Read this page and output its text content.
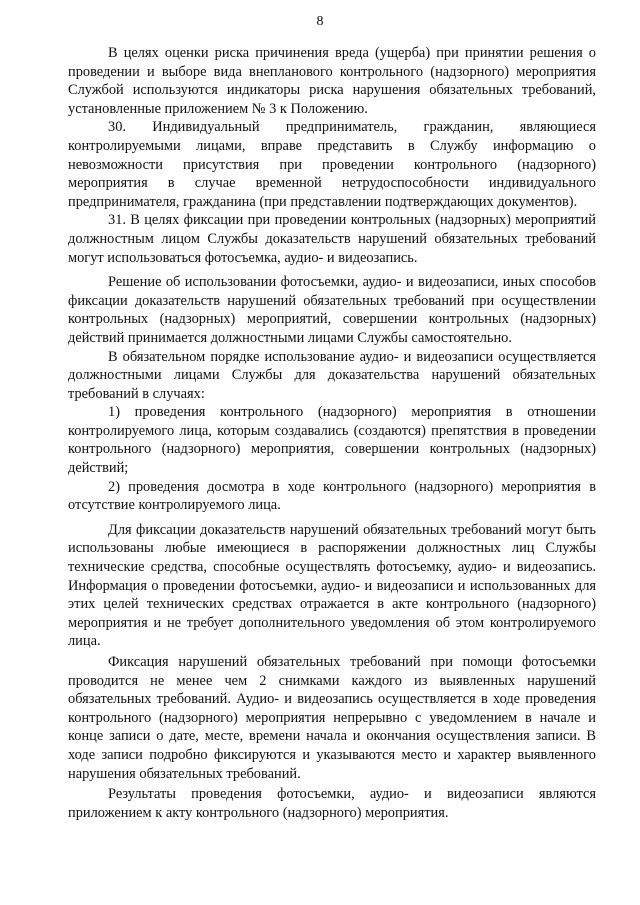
8

В целях оценки риска причинения вреда (ущерба) при принятии решения о проведении и выборе вида внепланового контрольного (надзорного) мероприятия Службой используются индикаторы риска нарушения обязательных требований, установленные приложением № 3 к Положению.

30. Индивидуальный предприниматель, гражданин, являющиеся контролируемыми лицами, вправе представить в Службу информацию о невозможности присутствия при проведении контрольного (надзорного) мероприятия в случае временной нетрудоспособности индивидуального предпринимателя, гражданина (при представлении подтверждающих документов).

31. В целях фиксации при проведении контрольных (надзорных) мероприятий должностным лицом Службы доказательств нарушений обязательных требований могут использоваться фотосъемка, аудио- и видеозапись.

Решение об использовании фотосъемки, аудио- и видеозаписи, иных способов фиксации доказательств нарушений обязательных требований при осуществлении контрольных (надзорных) мероприятий, совершении контрольных (надзорных) действий принимается должностными лицами Службы самостоятельно.

В обязательном порядке использование аудио- и видеозаписи осуществляется должностными лицами Службы для доказательства нарушений обязательных требований в случаях:

1) проведения контрольного (надзорного) мероприятия в отношении контролируемого лица, которым создавались (создаются) препятствия в проведении контрольного (надзорного) мероприятия, совершении контрольных (надзорных) действий;

2) проведения досмотра в ходе контрольного (надзорного) мероприятия в отсутствие контролируемого лица.

Для фиксации доказательств нарушений обязательных требований могут быть использованы любые имеющиеся в распоряжении должностных лиц Службы технические средства, способные осуществлять фотосъемку, аудио- и видеозапись. Информация о проведении фотосъемки, аудио- и видеозаписи и использованных для этих целей технических средствах отражается в акте контрольного (надзорного) мероприятия и не требует дополнительного уведомления об этом контролируемого лица.

Фиксация нарушений обязательных требований при помощи фотосъемки проводится не менее чем 2 снимками каждого из выявленных нарушений обязательных требований. Аудио- и видеозапись осуществляется в ходе проведения контрольного (надзорного) мероприятия непрерывно с уведомлением в начале и конце записи о дате, месте, времени начала и окончания осуществления записи. В ходе записи подробно фиксируются и указываются место и характер выявленного нарушения обязательных требований.

Результаты проведения фотосъемки, аудио- и видеозаписи являются приложением к акту контрольного (надзорного) мероприятия.
